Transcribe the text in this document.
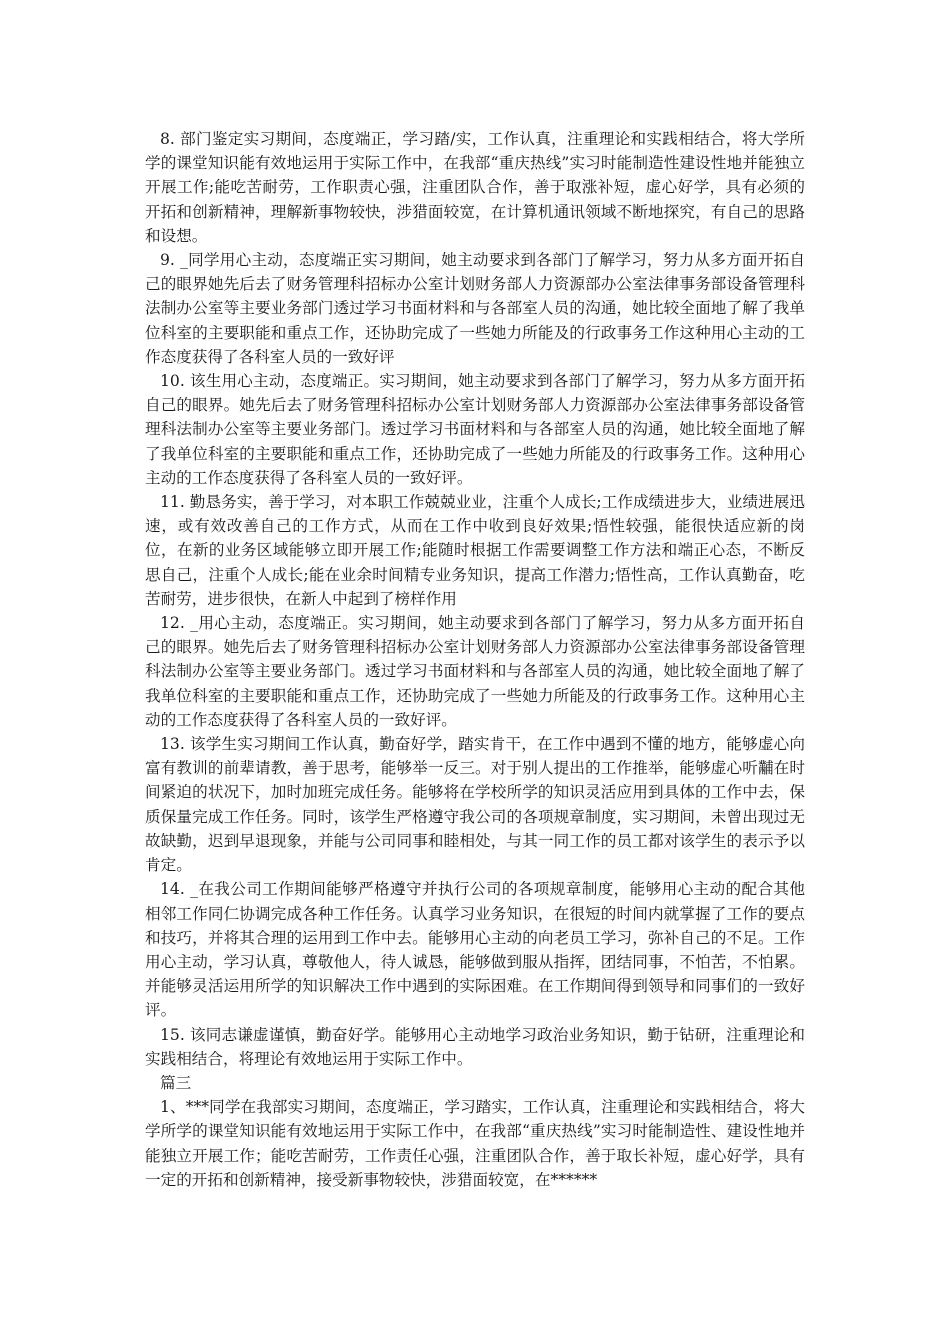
8. 部门鉴定实习期间，态度端正，学习踏/实，工作认真，注重理论和实践相结合，将大学所学的课堂知识能有效地运用于实际工作中，在我部“重庆热线”实习时能制造性建设性地并能独立开展工作;能吃苦耐劳，工作职责心强，注重团队合作，善于取涨补短，虚心好学，具有必须的开拓和创新精神，理解新事物较快，涉猎面较宽，在计算机通讯领域不断地探究，有自己的思路和设想。

9. _同学用心主动，态度端正实习期间，她主动要求到各部门了解学习，努力从多方面开拓自己的眼界她先后去了财务管理科招标办公室计划财务部人力资源部办公室法律事务部设备管理科法制办公室等主要业务部门透过学习书面材料和与各部室人员的沟通，她比较全面地了解了我单位科室的主要职能和重点工作，还协助完成了一些她力所能及的行政事务工作这种用心主动的工作态度获得了各科室人员的一致好评

10. 该生用心主动，态度端正。实习期间，她主动要求到各部门了解学习，努力从多方面开拓自己的眼界。她先后去了财务管理科招标办公室计划财务部人力资源部办公室法律事务部设备管理科法制办公室等主要业务部门。透过学习书面材料和与各部室人员的沟通，她比较全面地了解了我单位科室的主要职能和重点工作，还协助完成了一些她力所能及的行政事务工作。这种用心主动的工作态度获得了各科室人员的一致好评。

11. 勤恳务实，善于学习，对本职工作兢兢业业，注重个人成长;工作成绩进步大，业绩进展迅速，或有效改善自己的工作方式，从而在工作中收到良好效果;悟性较强，能很快适应新的岗位，在新的业务区域能够立即开展工作;能随时根据工作需要调整工作方法和端正心态，不断反思自己，注重个人成长;能在业余时间精专业务知识，提高工作潜力;悟性高，工作认真勤奋，吃苦耐劳，进步很快，在新人中起到了榜样作用

12. _用心主动，态度端正。实习期间，她主动要求到各部门了解学习，努力从多方面开拓自己的眼界。她先后去了财务管理科招标办公室计划财务部人力资源部办公室法律事务部设备管理科法制办公室等主要业务部门。透过学习书面材料和与各部室人员的沟通，她比较全面地了解了我单位科室的主要职能和重点工作，还协助完成了一些她力所能及的行政事务工作。这种用心主动的工作态度获得了各科室人员的一致好评。

13. 该学生实习期间工作认真，勤奋好学，踏实肯干，在工作中遇到不懂的地方，能够虚心向富有教训的前辈请教，善于思考，能够举一反三。对于别人提出的工作推举，能够虚心听黼在时间紧迫的状况下，加时加班完成任务。能够将在学校所学的知识灵活应用到具体的工作中去，保质保量完成工作任务。同时，该学生严格遵守我公司的各项规章制度，实习期间，未曾出现过无故缺勤，迟到早退现象，并能与公司同事和睦相处，与其一同工作的员工都对该学生的表示予以肯定。

14. _在我公司工作期间能够严格遵守并执行公司的各项规章制度，能够用心主动的配合其他相邻工作同仁协调完成各种工作任务。认真学习业务知识，在很短的时间内就掌握了工作的要点和技巧，并将其合理的运用到工作中去。能够用心主动的向老员工学习，弥补自己的不足。工作用心主动，学习认真，尊敬他人，待人诚恳，能够做到服从指挥，团结同事，不怕苦，不怕累。并能够灵活运用所学的知识解决工作中遇到的实际困难。在工作期间得到领导和同事们的一致好评。

15. 该同志谦虚谨慎，勤奋好学。能够用心主动地学习政治业务知识，勤于钻研，注重理论和实践相结合，将理论有效地运用于实际工作中。

篇三

1、***同学在我部实习期间，态度端正，学习踏实，工作认真，注重理论和实践相结合，将大学所学的课堂知识能有效地运用于实际工作中，在我部“重庆热线”实习时能制造性、建设性地并能独立开展工作；能吃苦耐劳，工作责任心强，注重团队合作，善于取长补短，虚心好学，具有一定的开拓和创新精神，接受新事物较快，涉猎面较宽，在******
